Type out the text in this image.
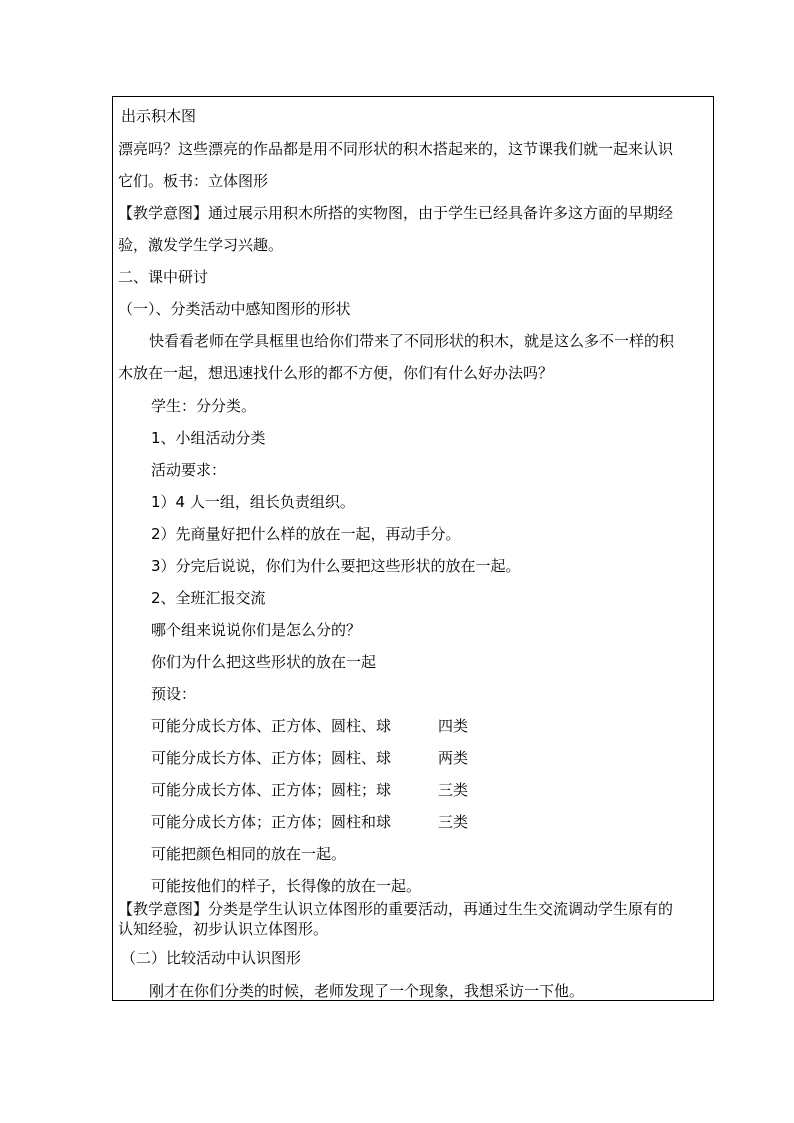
出示积木图
漂亮吗？这些漂亮的作品都是用不同形状的积木搭起来的，这节课我们就一起来认识
它们。板书：立体图形
【教学意图】通过展示用积木所搭的实物图，由于学生已经具备许多这方面的早期经
验，激发学生学习兴趣。
二、课中研讨
（一）、分类活动中感知图形的形状
快看看老师在学具框里也给你们带来了不同形状的积木，就是这么多不一样的积
木放在一起，想迅速找什么形的都不方便，你们有什么好办法吗？
学生：分分类。
1、小组活动分类
活动要求：
1）4 人一组，组长负责组织。
2）先商量好把什么样的放在一起，再动手分。
3）分完后说说，你们为什么要把这些形状的放在一起。
2、全班汇报交流
哪个组来说说你们是怎么分的？
你们为什么把这些形状的放在一起
预设：
可能分成长方体、正方体、圆柱、球	四类
可能分成长方体、正方体；圆柱、球	两类
可能分成长方体、正方体；圆柱；球	三类
可能分成长方体；正方体；圆柱和球	三类
可能把颜色相同的放在一起。
可能按他们的样子，长得像的放在一起。
【教学意图】分类是学生认识立体图形的重要活动，再通过生生交流调动学生原有的
认知经验，初步认识立体图形。
（二）比较活动中认识图形
刚才在你们分类的时候，老师发现了一个现象，我想采访一下他。
